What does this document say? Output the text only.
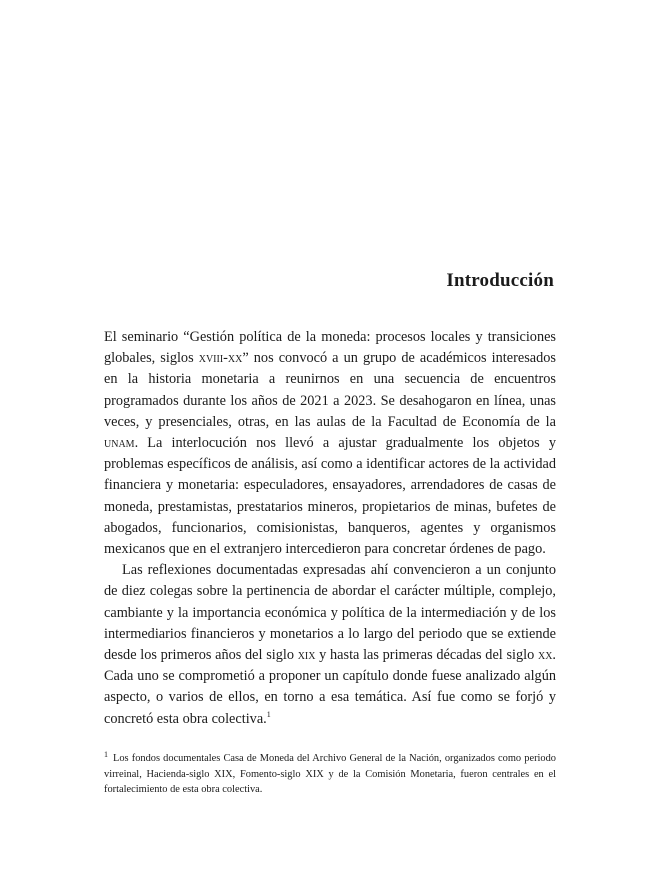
Introducción

El seminario “Gestión política de la moneda: procesos locales y transiciones globales, siglos xviii-xx” nos convocó a un grupo de académicos interesados en la historia monetaria a reunirnos en una secuencia de encuentros programados durante los años de 2021 a 2023. Se desahogaron en línea, unas veces, y presenciales, otras, en las aulas de la Facultad de Economía de la unam. La interlocución nos llevó a ajustar gradualmente los objetos y problemas específicos de análisis, así como a identificar actores de la actividad financiera y monetaria: especuladores, ensayadores, arrendadores de casas de moneda, prestamistas, prestatarios mineros, propietarios de minas, bufetes de abogados, funcionarios, comisionistas, banqueros, agentes y organismos mexicanos que en el extranjero intercedieron para concretar órdenes de pago.

Las reflexiones documentadas expresadas ahí convencieron a un conjunto de diez colegas sobre la pertinencia de abordar el carácter múltiple, complejo, cambiante y la importancia económica y política de la intermediación y de los intermediarios financieros y monetarios a lo largo del periodo que se extiende desde los primeros años del siglo xix y hasta las primeras décadas del siglo xx. Cada uno se comprometió a proponer un capítulo donde fuese analizado algún aspecto, o varios de ellos, en torno a esa temática. Así fue como se forjó y concretó esta obra colectiva.$^1$

$^1$ Los fondos documentales Casa de Moneda del Archivo General de la Nación, organizados como periodo virreinal, Hacienda-siglo XIX, Fomento-siglo XIX y de la Comisión Monetaria, fueron centrales en el fortalecimiento de esta obra colectiva.
